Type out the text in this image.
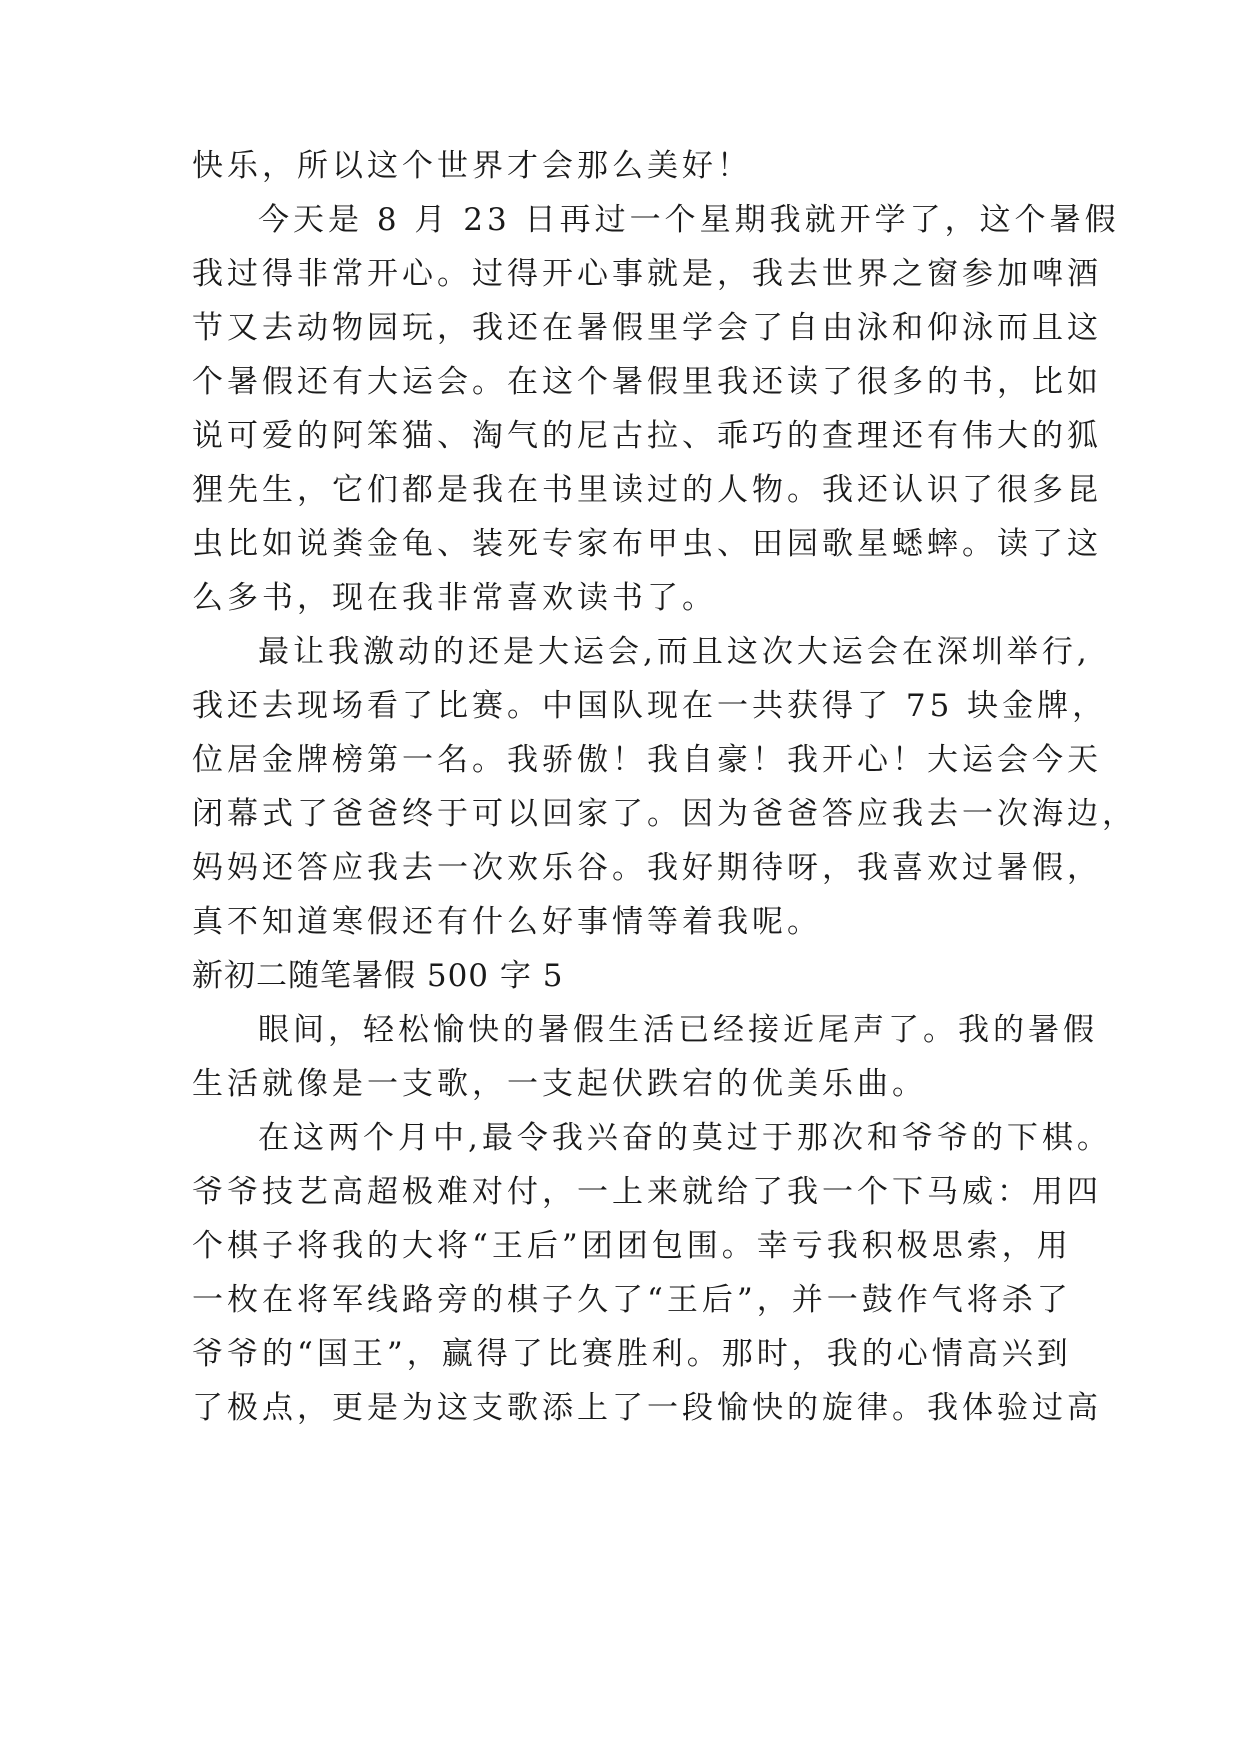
快乐，所以这个世界才会那么美好！
今天是 8 月 23 日再过一个星期我就开学了，这个暑假
我过得非常开心。过得开心事就是，我去世界之窗参加啤酒
节又去动物园玩，我还在暑假里学会了自由泳和仰泳而且这
个暑假还有大运会。在这个暑假里我还读了很多的书，比如
说可爱的阿笨猫、淘气的尼古拉、乖巧的查理还有伟大的狐
狸先生，它们都是我在书里读过的人物。我还认识了很多昆
虫比如说粪金龟、装死专家布甲虫、田园歌星蟋蟀。读了这
么多书，现在我非常喜欢读书了。
最让我激动的还是大运会,而且这次大运会在深圳举行,
我还去现场看了比赛。中国队现在一共获得了 75 块金牌，
位居金牌榜第一名。我骄傲！我自豪！我开心！大运会今天
闭幕式了爸爸终于可以回家了。因为爸爸答应我去一次海边，
妈妈还答应我去一次欢乐谷。我好期待呀，我喜欢过暑假，
真不知道寒假还有什么好事情等着我呢。
新初二随笔暑假 500 字 5
眼间，轻松愉快的暑假生活已经接近尾声了。我的暑假
生活就像是一支歌，一支起伏跌宕的优美乐曲。
在这两个月中,最令我兴奋的莫过于那次和爷爷的下棋。
爷爷技艺高超极难对付，一上来就给了我一个下马威：用四
个棋子将我的大将“王后”团团包围。幸亏我积极思索，用
一枚在将军线路旁的棋子久了“王后”，并一鼓作气将杀了
爷爷的“国王”，赢得了比赛胜利。那时，我的心情高兴到
了极点，更是为这支歌添上了一段愉快的旋律。我体验过高
